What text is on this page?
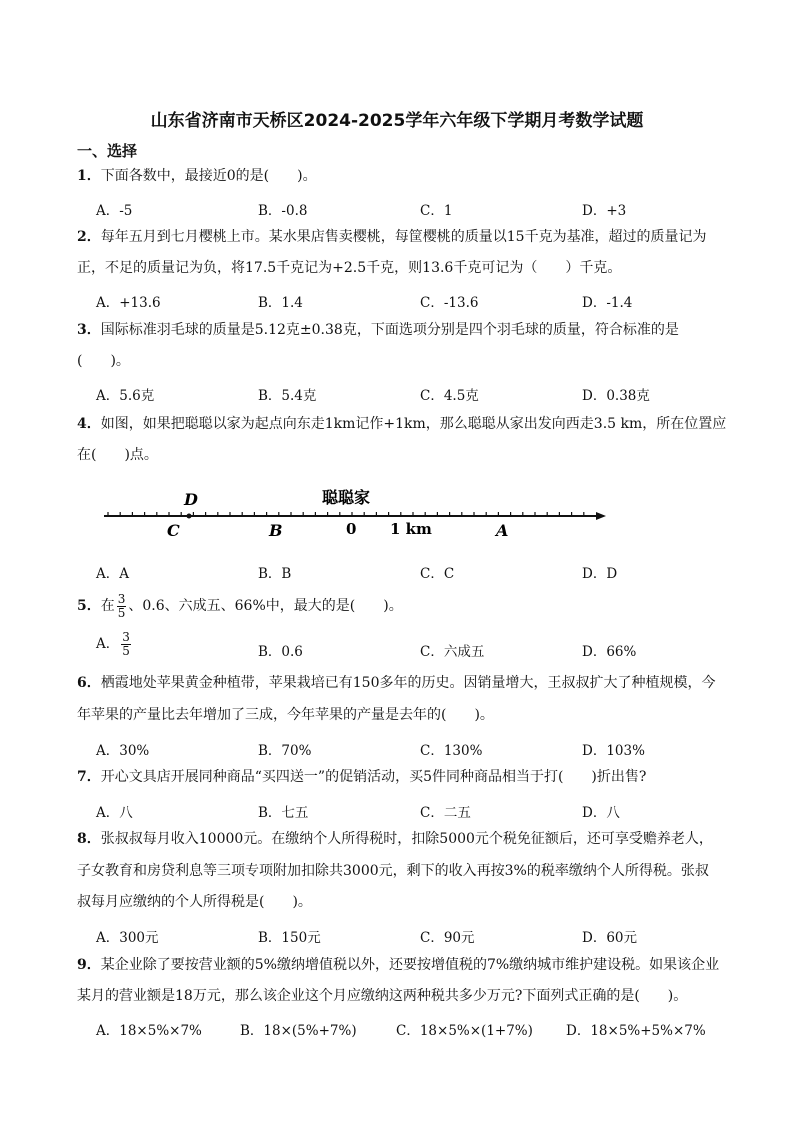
山东省济南市天桥区2024-2025学年六年级下学期月考数学试题
一、选择
1．下面各数中，最接近0的是(　　)。
A．-5	B．-0.8	C．1	D．+3
2．每年五月到七月樱桃上市。某水果店售卖樱桃，每筐樱桃的质量以15千克为基准，超过的质量记为
正，不足的质量记为负，将17.5千克记为+2.5千克，则13.6千克可记为（　　）千克。
A．+13.6	B．1.4	C．-13.6	D．-1.4
3．国际标准羽毛球的质量是5.12克±0.38克，下面选项分别是四个羽毛球的质量，符合标准的是
(　　)。
A．5.6克	B．5.4克	C．4.5克	D．0.38克
4．如图，如果把聪聪以家为起点向东走1km记作+1km，那么聪聪从家出发向西走3.5 km，所在位置应
在(　　)点。
D
C	B	A
0 1 km
聪聪家
A．A	B．B	C．C	D．D
5．在 $\frac{3}{5}$ 、0.6、六成五、66%中，最大的是(　　)。
A． $\frac{3}{5}$	B．0.6	C．六成五	D．66%
6．栖霞地处苹果黄金种植带，苹果栽培已有150多年的历史。因销量增大，王叔叔扩大了种植规模，今
年苹果的产量比去年增加了三成，今年苹果的产量是去年的(　　)。
A．30%	B．70%	C．130%	D．103%
7．开心文具店开展同种商品“买四送一”的促销活动，买5件同种商品相当于打(　　)折出售?
A．八	B．七五	C．二五	D．八
8．张叔叔每月收入10000元。在缴纳个人所得税时，扣除5000元个税免征额后，还可享受赡养老人，
子女教育和房贷利息等三项专项附加扣除共3000元，剩下的收入再按3%的税率缴纳个人所得税。张叔
叔每月应缴纳的个人所得税是(　　)。
A．300元	B．150元	C．90元	D．60元
9．某企业除了要按营业额的5%缴纳增值税以外，还要按增值税的7%缴纳城市维护建设税。如果该企业
某月的营业额是18万元，那么该企业这个月应缴纳这两种税共多少万元?下面列式正确的是(　　)。
A．18×5%×7%	B．18×(5%+7%)	C．18×5%×(1+7%) D．18×5%+5%×7%
